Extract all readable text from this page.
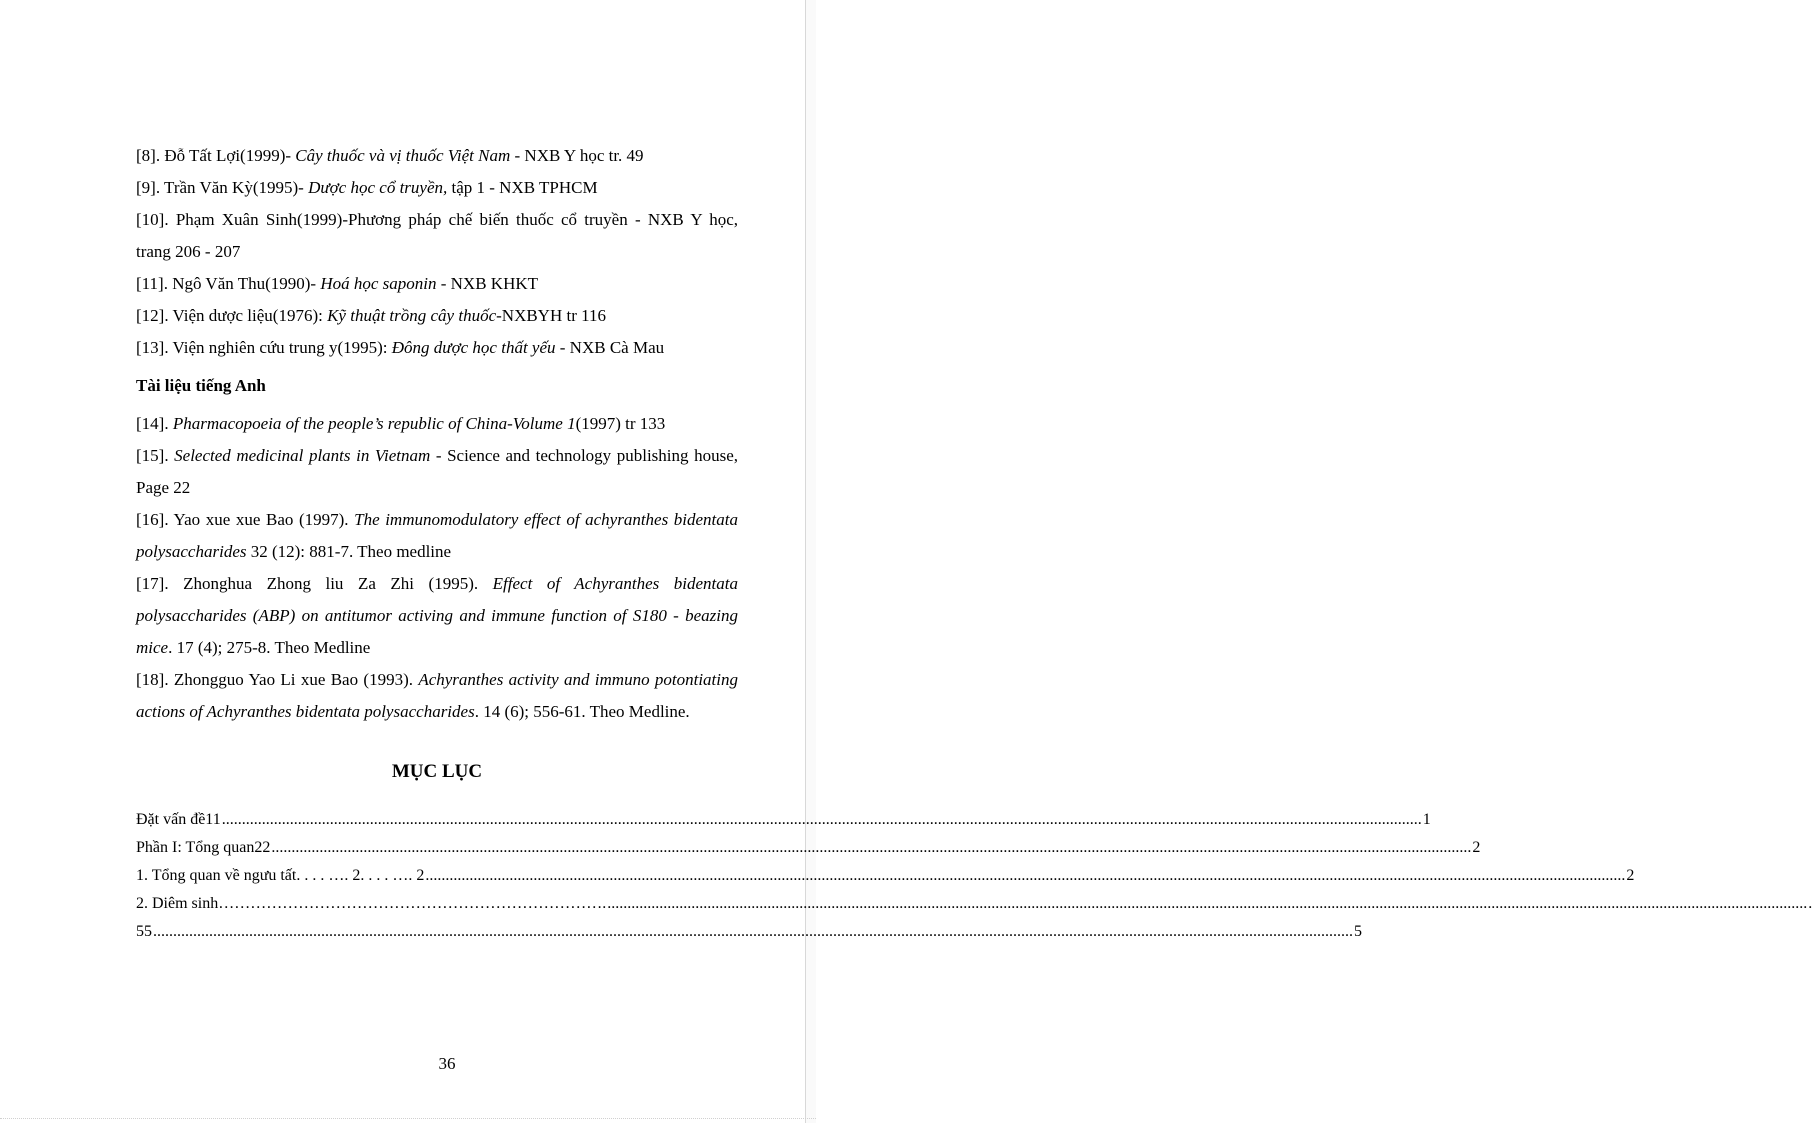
[8]. Đỗ Tất Lợi(1999)- Cây thuốc và vị thuốc Việt Nam - NXB Y học tr. 49

[9]. Trần Văn Kỳ(1995)- Dược học cổ truyền, tập 1 - NXB TPHCM

[10]. Phạm Xuân Sinh(1999)-Phương pháp chế biến thuốc cổ truyền - NXB Y học, trang 206 - 207

[11]. Ngô Văn Thu(1990)- Hoá học saponin - NXB KHKT

[12]. Viện dược liệu(1976): Kỹ thuật trồng cây thuốc-NXBYH tr 116

[13]. Viện nghiên cứu trung y(1995): Đông dược học thất yếu - NXB Cà Mau

Tài liệu tiếng Anh

[14]. Pharmacopoeia of the people’s republic of China-Volume 1(1997) tr 133

[15]. Selected medicinal plants in Vietnam - Science and technology publishing house, Page 22

[16]. Yao xue xue Bao (1997). The immunomodulatory effect of achyranthes bidentata polysaccharides 32 (12): 881-7. Theo medline

[17]. Zhonghua Zhong liu Za Zhi (1995). Effect of Achyranthes bidentata polysaccharides (ABP) on antitumor activing and immune function of S180 - beazing mice. 17 (4); 275-8. Theo Medline

[18]. Zhongguo Yao Li xue Bao (1993). Achyranthes activity and immuno potontiating actions of Achyranthes bidentata polysaccharides. 14 (6); 556-61. Theo Medline.

MỤC LỤC
Đặt vấn đề11 ............................................................................................................................................................................................................................................................................................................ 1
Phần I: Tổng quan22 ............................................................................................................................................................................................................................................................................................................ 2
1. Tổng quan về ngưu tất. . . . …. 2. . . . …. 2 ............................................................................................................................................................................................................................................................................................................ 2
2. Diêm sinh………………………………………………………………. ............................................................................................................................................................................................................................................................................................................ .
55 ............................................................................................................................................................................................................................................................................................................ 5
36
